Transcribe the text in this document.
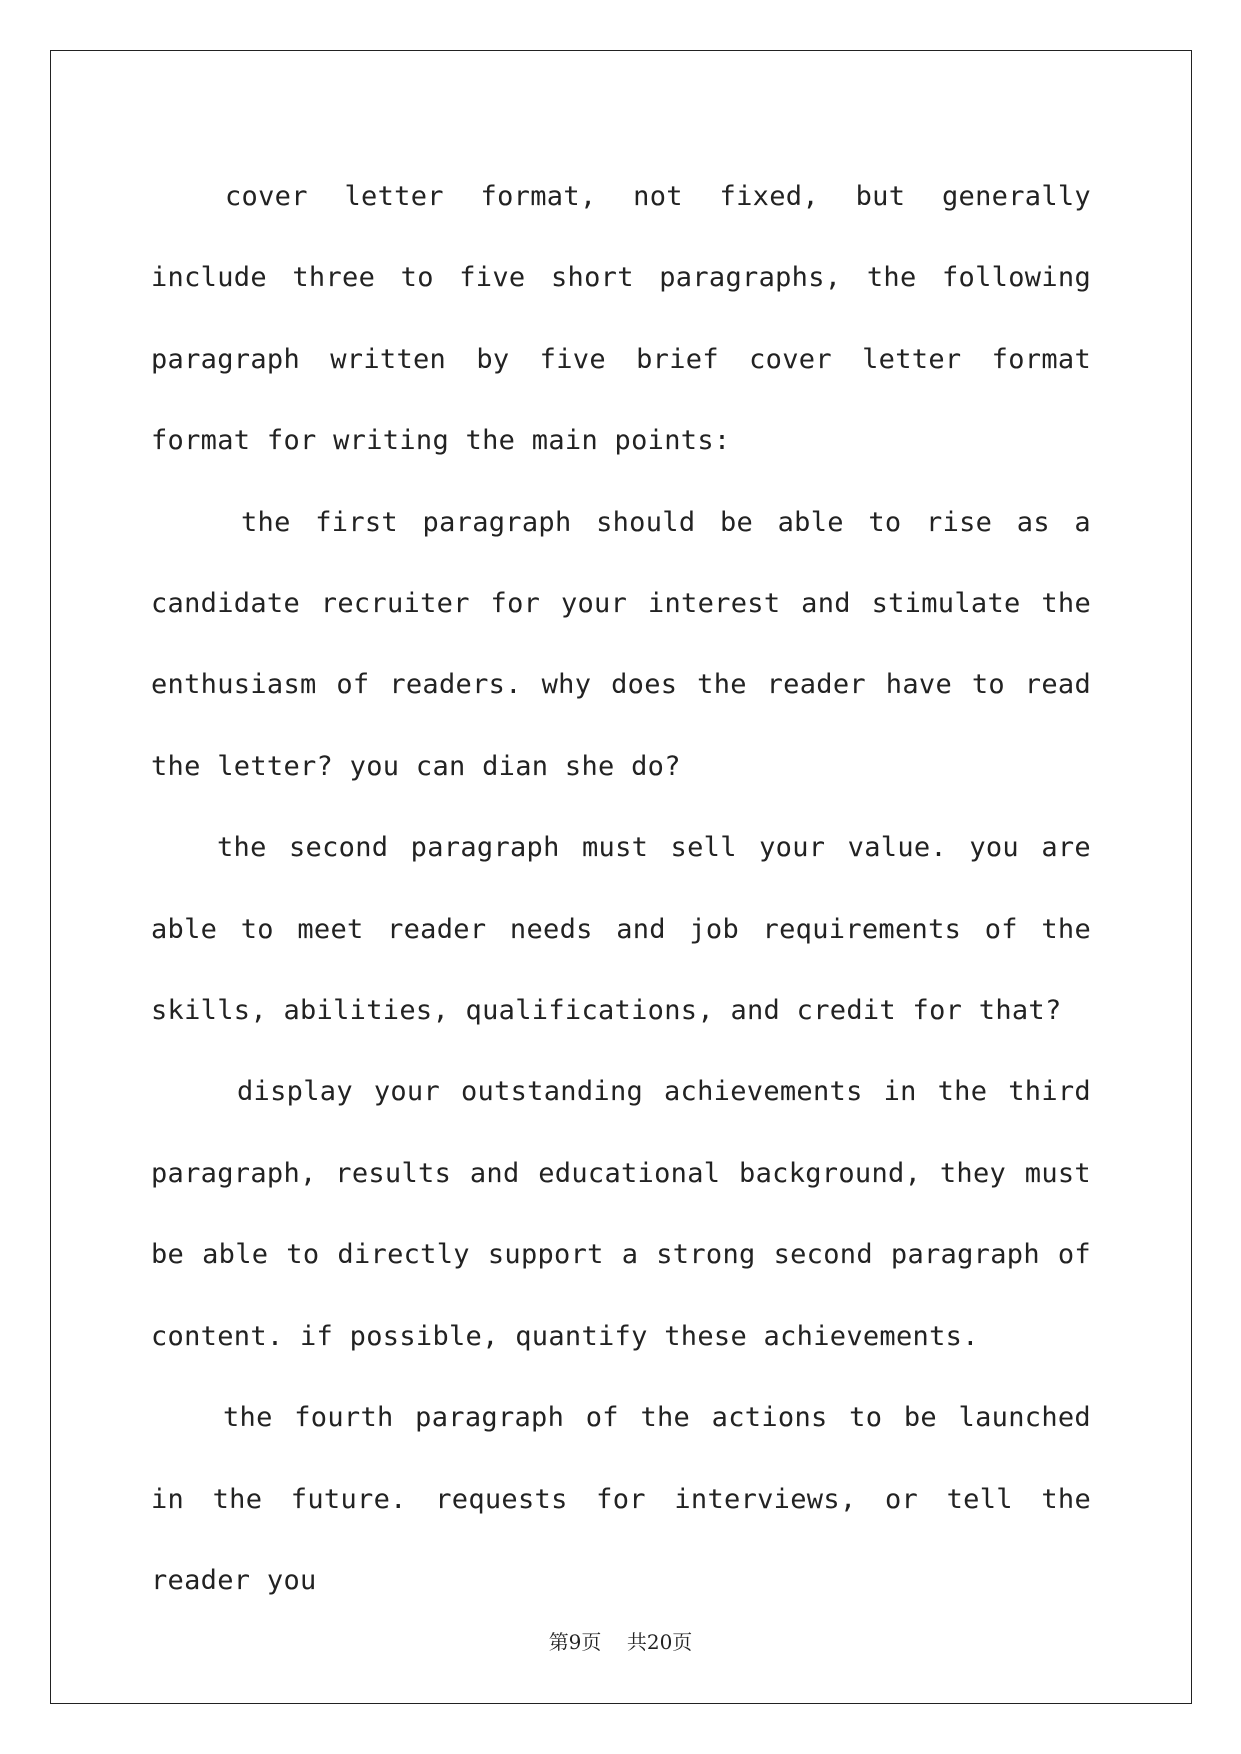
cover letter format, not fixed, but generally include three to five short paragraphs, the following paragraph written by five brief cover letter format format for writing the main points:

the first paragraph should be able to rise as a candidate recruiter for your interest and stimulate the enthusiasm of readers. why does the reader have to read the letter? you can dian she do?

the second paragraph must sell your value. you are able to meet reader needs and job requirements of the skills, abilities, qualifications, and credit for that?

display your outstanding achievements in the third paragraph, results and educational background, they must be able to directly support a strong second paragraph of content. if possible, quantify these achievements.

the fourth paragraph of the actions to be launched in the future. requests for interviews, or tell the reader you

第9页 共20页
